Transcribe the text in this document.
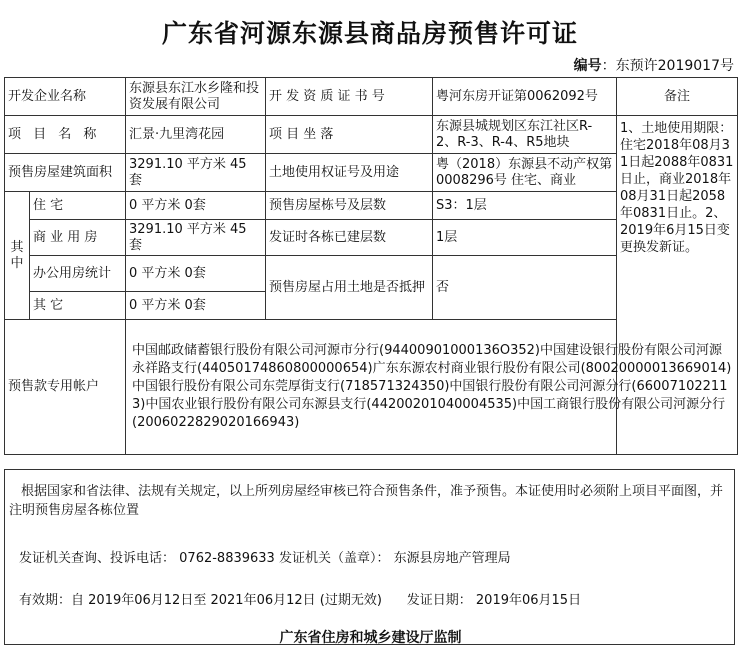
广东省河源东源县商品房预售许可证
编号：东预许2019017号
开发企业名称		东源县东江水乡隆和投资发展有限公司	开 发 资 质 证 书 号	粤河东房开证第0062092号	备注
项 目 名 称		汇景·九里湾花园	项 目 坐 落	东源县城规划区东江社区R-2、R-3、R-4、R5地块	1、土地使用期限：住宅2018年08月31日起2088年0831日止，商业2018年08月31日起2058年0831日止。2、2019年6月15日变更换发新证。
预售房屋建筑面积		3291.10 平方米 45 套	土地使用权证号及用途	粤（2018）东源县不动产权第0008296号 住宅、商业	

其
中	住 宅	0 平方米 0套	预售房屋栋号及层数	S3：1层	
	商 业 用 房	3291.10 平方米 45 套	发证时各栋已建层数	1层	
	办公用房统计	0 平方米 0套	预售房屋占用土地是否抵押	否	
	其 它	0 平方米 0套			
预售款专用帐户		中国邮政储蓄银行股份有限公司河源市分行(94400901000136O352)中国建设银行股份有限公司河源永祥路支行(44050174860800000654)广东东源农村商业银行股份有限公司(80020000013669014)中国银行股份有限公司东莞厚街支行(718571324350)中国银行股份有限公司河源分行(660071022113)中国农业银行股份有限公司东源县支行(44200201040004535)中国工商银行股份有限公司河源分行(2006022829020166943)			
根据国家和省法律、法规有关规定，以上所列房屋经审核已符合预售条件，准予预售。本证使用时必须附上项目平面图，并注明预售房屋各栋位置
发证机关查询、投诉电话： 0762-8839633 发证机关（盖章）： 东源县房地产管理局
有效期：自 2019年06月12日至 2021年06月12日 (过期无效) 发证日期： 2019年06月15日
广东省住房和城乡建设厅监制
